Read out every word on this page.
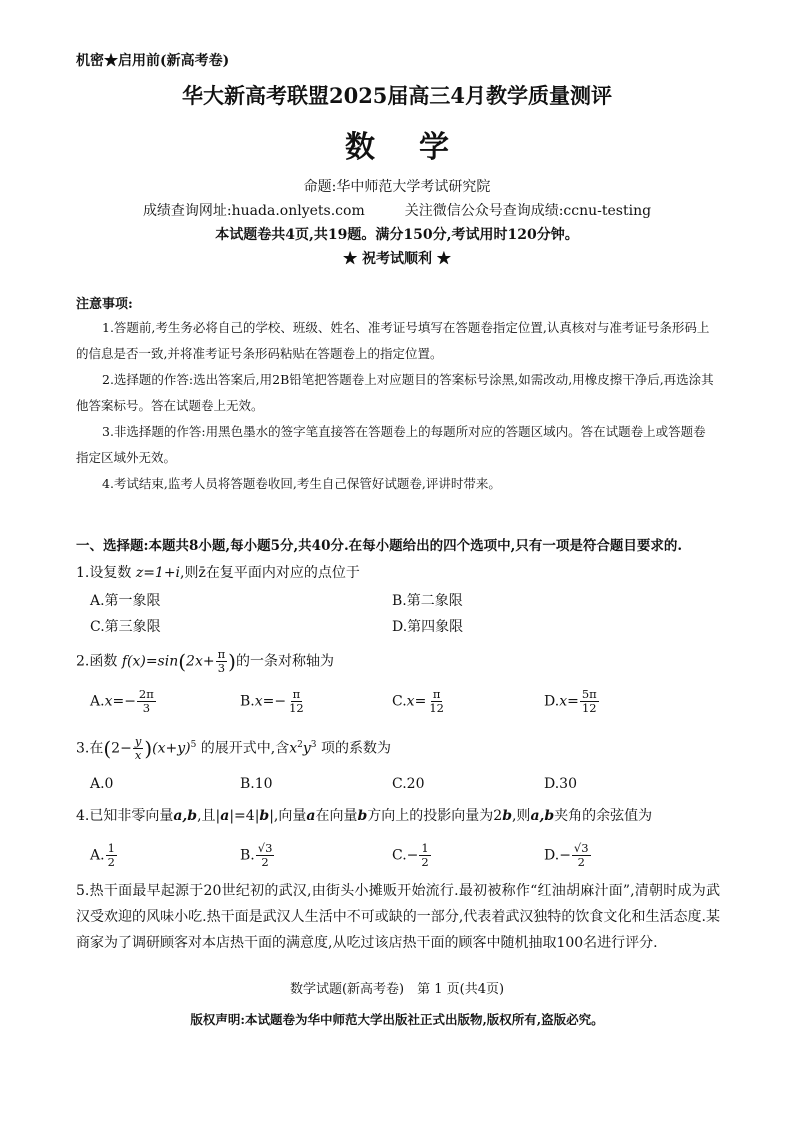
机密★启用前(新高考卷)
华大新高考联盟2025届高三4月教学质量测评
数学
命题:华中师范大学考试研究院
成绩查询网址:huada.onlyets.com	关注微信公众号查询成绩:ccnu-testing
本试题卷共4页,共19题。满分150分,考试用时120分钟。
★ 祝考试顺利 ★
注意事项:
1.答题前,考生务必将自己的学校、班级、姓名、准考证号填写在答题卷指定位置,认真核对与准考证号条形码上的信息是否一致,并将准考证号条形码粘贴在答题卷上的指定位置。
2.选择题的作答:选出答案后,用2B铅笔把答题卷上对应题目的答案标号涂黑,如需改动,用橡皮擦干净后,再选涂其他答案标号。答在试题卷上无效。
3.非选择题的作答:用黑色墨水的签字笔直接答在答题卷上的每题所对应的答题区域内。答在试题卷上或答题卷指定区域外无效。
4.考试结束,监考人员将答题卷收回,考生自己保管好试题卷,评讲时带来。
一、选择题:本题共8小题,每小题5分,共40分.在每小题给出的四个选项中,只有一项是符合题目要求的.
1.设复数 z=1+i,则z̄在复平面内对应的点位于
A.第一象限	B.第二象限
C.第三象限	D.第四象限
2.函数 $f(x)=\sin(2x+ \frac{\pi}{3}$ )的一条对称轴为
$A.x=- \frac{2\pi}{3}$	$B.x=- \frac{\pi}{12}$	$C.x= \frac{\pi}{12}$	$D.x= \frac{5\pi}{12}$
3.在$(2- \frac{y}{x} )(x+y)^5$ 的展开式中,含$x^2y^3$ 项的系数为
A.0	B.10	C.20	D.30
4.已知非零向量a,b,且|a|=4|b|,向量a在向量b方向上的投影向量为2b,则a,b夹角的余弦值为
A. $\frac{1}{2}$	B. $\frac{√3}{2}$	$C.- \frac{1}{2}$	$D.- \frac{√3}{2}$
5.热干面最早起源于20世纪初的武汉,由街头小摊贩开始流行.最初被称作“红油胡麻汁面”,清朝时成为武汉受欢迎的风味小吃.热干面是武汉人生活中不可或缺的一部分,代表着武汉独特的饮食文化和生活态度.某商家为了调研顾客对本店热干面的满意度,从吃过该店热干面的顾客中随机抽取100名进行评分.
数学试题(新高考卷)　第 1 页(共4页)
版权声明:本试题卷为华中师范大学出版社正式出版物,版权所有,盗版必究。
